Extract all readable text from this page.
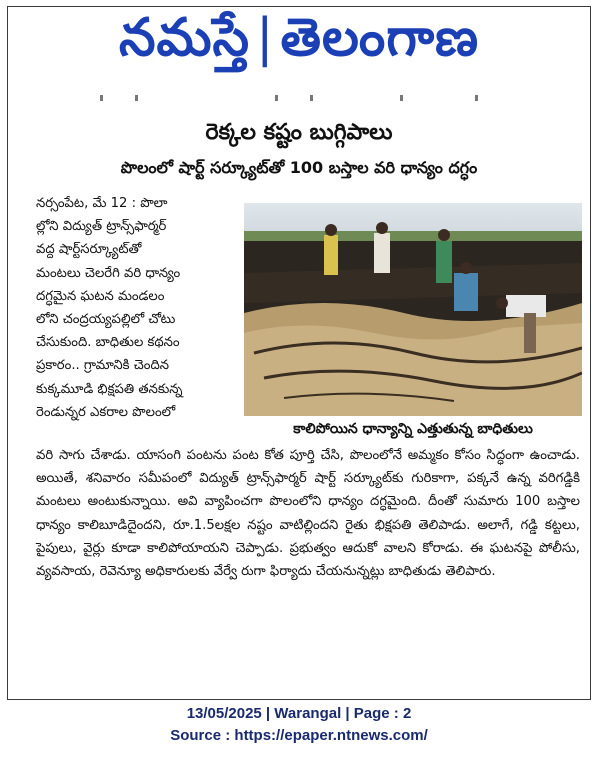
నమస్తే | తెలంగాణ
రెక్కల కష్టం బుగ్గిపాలు
పొలంలో షార్ట్ సర్క్యూట్‌తో 100 బస్తాల వరి ధాన్యం దగ్ధం
నర్సంపేట, మే 12 : పొలా
ల్లోని విద్యుత్ ట్రాన్స్‌ఫార్మర్
వద్ద షార్ట్‌సర్క్యూట్‌తో
మంటలు చెలరేగి వరి ధాన్యం
దగ్ధమైన ఘటన మండలం
లోని చంద్రయ్యపల్లిలో చోటు
చేసుకుంది. బాధితుల కథనం
ప్రకారం.. గ్రామానికి చెందిన
కుక్కమూడి భిక్షపతి తనకున్న
రెండున్నర ఎకరాల పొలంలో
కాలిపోయిన ధాన్యాన్ని ఎత్తుతున్న బాధితులు
వరి సాగు చేశాడు. యాసంగి పంటను పంట కోత పూర్తి చేసి, పొలంలోనే అమ్మకం కోసం సిద్ధంగా ఉంచాడు. అయితే, శనివారం సమీపంలో విద్యుత్ ట్రాన్స్‌ఫార్మర్ షార్ట్ సర్క్యూట్‌కు గురికాగా, పక్కనే ఉన్న వరిగడ్డికి మంటలు అంటుకున్నాయి. అవి వ్యాపించగా పొలంలోని ధాన్యం దగ్ధమైంది. దీంతో సుమారు 100 బస్తాల ధాన్యం కాలిబూడిదైందని, రూ.1.5లక్షల నష్టం వాటిల్లిందని రైతు భిక్షపతి తెలిపాడు. అలాగే, గడ్డి కట్టలు, పైపులు, వైర్లు కూడా కాలిపోయాయని చెప్పాడు. ప్రభుత్వం ఆదుకో వాలని కోరాడు. ఈ ఘటనపై పోలీసు, వ్యవసాయ, రెవెన్యూ అధికారులకు వేర్వే రుగా ఫిర్యాదు చేయనున్నట్లు బాధితుడు తెలిపారు.
13/05/2025 | Warangal | Page : 2
Source : https://epaper.ntnews.com/
